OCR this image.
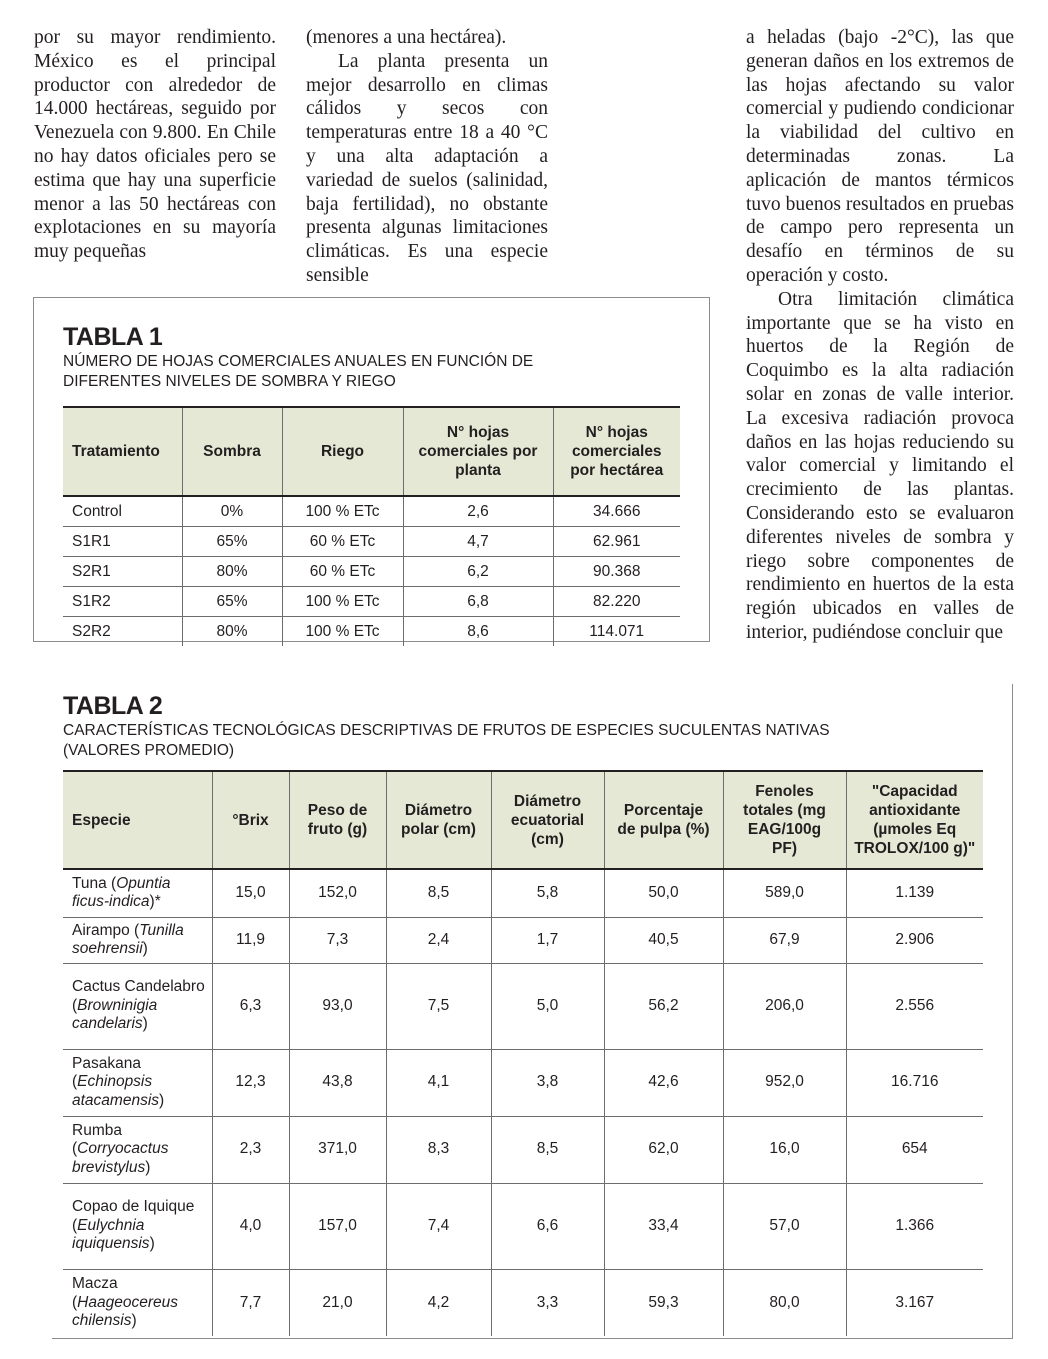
por su mayor rendimiento. México es el principal productor con alrededor de 14.000 hectáreas, seguido por Venezuela con 9.800. En Chile no hay datos oficiales pero se estima que hay una superficie menor a las 50 hectáreas con explotaciones en su mayoría muy pequeñas

(menores a una hectárea).

La planta presenta un mejor desarrollo en climas cálidos y secos con temperaturas entre 18 a 40 °C y una alta adaptación a variedad de suelos (salinidad, baja fertilidad), no obstante presenta algunas limitaciones climáticas. Es una especie sensible

a heladas (bajo -2°C), las que generan daños en los extremos de las hojas afectando su valor comercial y pudiendo condicionar la viabilidad del cultivo en determinadas zonas. La aplicación de mantos térmicos tuvo buenos resultados en pruebas de campo pero representa un desafío en términos de su operación y costo.

Otra limitación climática importante que se ha visto en huertos de la Región de Coquimbo es la alta radiación solar en zonas de valle interior. La excesiva radiación provoca daños en las hojas reduciendo su valor comercial y limitando el crecimiento de las plantas. Considerando esto se evaluaron diferentes niveles de sombra y riego sobre componentes de rendimiento en huertos de la esta región ubicados en valles de interior, pudiéndose concluir que

TABLA 1
NÚMERO DE HOJAS COMERCIALES ANUALES EN FUNCIÓN DE
DIFERENTES NIVELES DE SOMBRA Y RIEGO
Tratamiento	Sombra	Riego	N° hojas comerciales por planta	N° hojas comerciales por hectárea
Control	0%	100 % ETc	2,6	34.666
S1R1	65%	60 % ETc	4,7	62.961
S2R1	80%	60 % ETc	6,2	90.368
S1R2	65%	100 % ETc	6,8	82.220
S2R2	80%	100 % ETc	8,6	114.071
TABLA 2
CARACTERÍSTICAS TECNOLÓGICAS DESCRIPTIVAS DE FRUTOS DE ESPECIES SUCULENTAS NATIVAS
(VALORES PROMEDIO)
Especie	°Brix	Peso de fruto (g)	Diámetro polar (cm)	Diámetro ecuatorial (cm)	Porcentaje de pulpa (%)	Fenoles totales (mg EAG/100g PF)	"Capacidad antioxidante (µmoles Eq TROLOX/100 g)"
Tuna (Opuntia ficus-indica)*	15,0	152,0	8,5	5,8	50,0	589,0	1.139
Airampo (Tunilla soehrensii)	11,9	7,3	2,4	1,7	40,5	67,9	2.906
Cactus Candelabro (Browninigia candelaris)	6,3	93,0	7,5	5,0	56,2	206,0	2.556
Pasakana (Echinopsis atacamensis)	12,3	43,8	4,1	3,8	42,6	952,0	16.716
Rumba (Corryocactus brevistylus)	2,3	371,0	8,3	8,5	62,0	16,0	654
Copao de Iquique (Eulychnia iquiquensis)	4,0	157,0	7,4	6,6	33,4	57,0	1.366
Macza (Haageocereus chilensis)	7,7	21,0	4,2	3,3	59,3	80,0	3.167
